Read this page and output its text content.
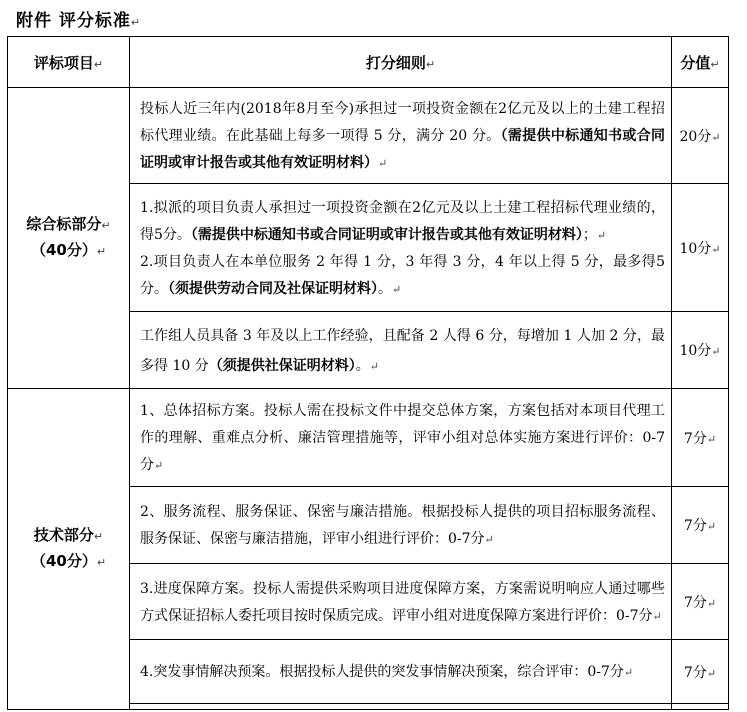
附件 评分标准↵
评标项目↵	打分细则↵	分值↵

综合标部分↵
（40分）↵	投标人近三年内(2018年8月至今)承担过一项投资金额在2亿元及以上的土建工程招标代理业绩。在此基础上每多一项得 5 分，满分 20 分。（需提供中标通知书或合同证明或审计报告或其他有效证明材料）↵	20分↵
	1.拟派的项目负责人承担过一项投资金额在2亿元及以上土建工程招标代理业绩的，得5分。（需提供中标通知书或合同证明或审计报告或其他有效证明材料）；↵
2.项目负责人在本单位服务 2 年得 1 分，3 年得 3 分，4 年以上得 5 分，最多得5分。（须提供劳动合同及社保证明材料）。↵	10分↵
	工作组人员具备 3 年及以上工作经验，且配备 2 人得 6 分，每增加 1 人加 2 分，最多得 10 分（须提供社保证明材料）。↵	10分↵

技术部分↵
（40分）↵	1、总体招标方案。投标人需在投标文件中提交总体方案，方案包括对本项目代理工作的理解、重难点分析、廉洁管理措施等，评审小组对总体实施方案进行评价：0-7分↵	7分↵
	2、服务流程、服务保证、保密与廉洁措施。根据投标人提供的项目招标服务流程、服务保证、保密与廉洁措施，评审小组进行评价：0-7分↵	7分↵
	3.进度保障方案。投标人需提供采购项目进度保障方案，方案需说明响应人通过哪些方式保证招标人委托项目按时保质完成。评审小组对进度保障方案进行评价：0-7分↵	7分↵
	4.突发事情解决预案。根据投标人提供的突发事情解决预案，综合评审：0-7分↵	7分↵
